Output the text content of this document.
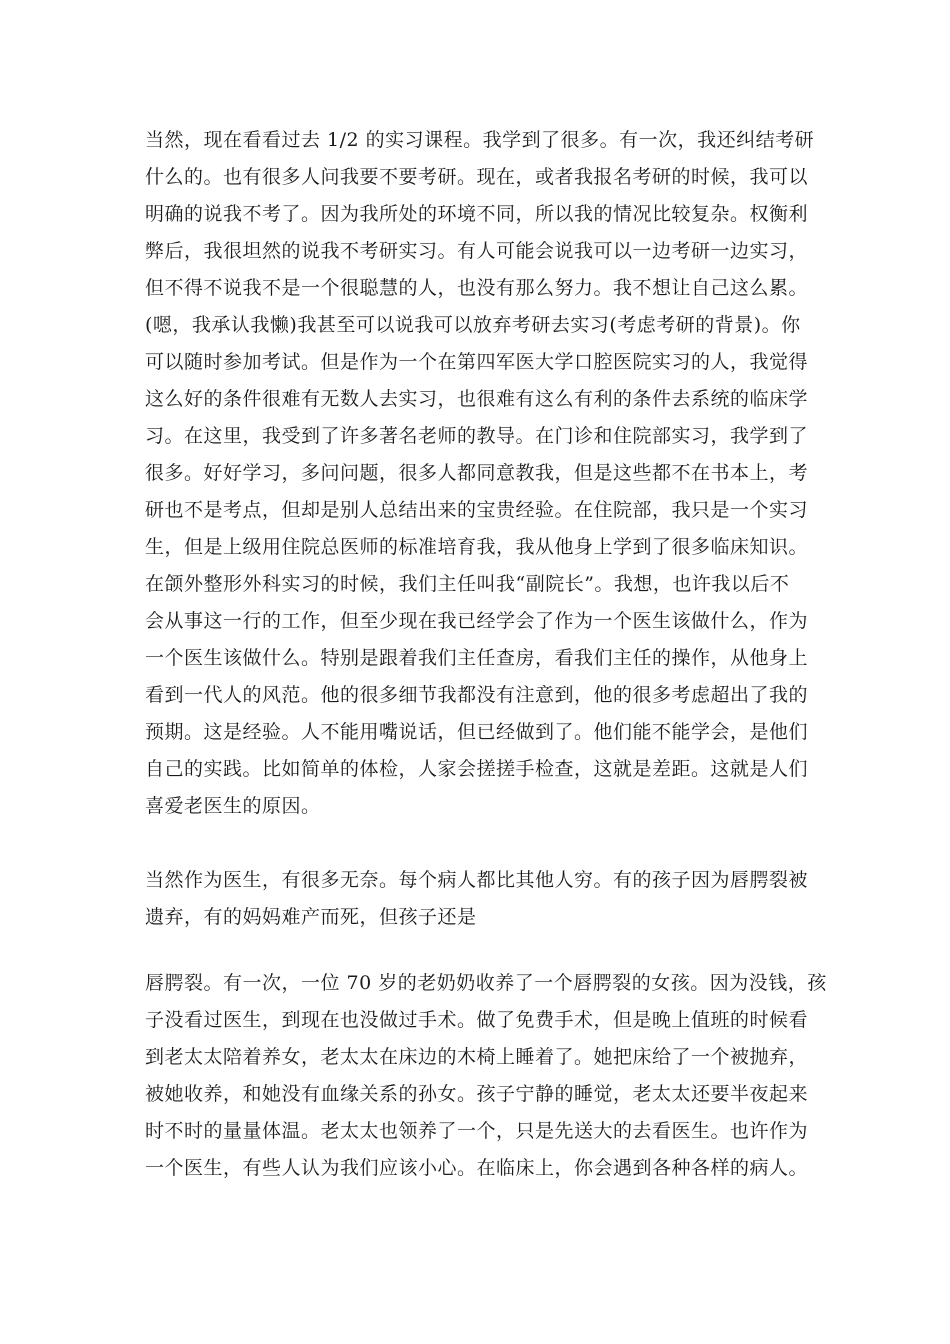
当然，现在看看过去 1/2 的实习课程。我学到了很多。有一次，我还纠结考研
什么的。也有很多人问我要不要考研。现在，或者我报名考研的时候，我可以
明确的说我不考了。因为我所处的环境不同，所以我的情况比较复杂。权衡利
弊后，我很坦然的说我不考研实习。有人可能会说我可以一边考研一边实习，
但不得不说我不是一个很聪慧的人，也没有那么努力。我不想让自己这么累。
(嗯，我承认我懒)我甚至可以说我可以放弃考研去实习(考虑考研的背景)。你
可以随时参加考试。但是作为一个在第四军医大学口腔医院实习的人，我觉得
这么好的条件很难有无数人去实习，也很难有这么有利的条件去系统的临床学
习。在这里，我受到了许多著名老师的教导。在门诊和住院部实习，我学到了
很多。好好学习，多问问题，很多人都同意教我，但是这些都不在书本上，考
研也不是考点，但却是别人总结出来的宝贵经验。在住院部，我只是一个实习
生，但是上级用住院总医师的标准培育我，我从他身上学到了很多临床知识。
在颌外整形外科实习的时候，我们主任叫我“副院长”。我想，也许我以后不
会从事这一行的工作，但至少现在我已经学会了作为一个医生该做什么，作为
一个医生该做什么。特别是跟着我们主任查房，看我们主任的操作，从他身上
看到一代人的风范。他的很多细节我都没有注意到，他的很多考虑超出了我的
预期。这是经验。人不能用嘴说话，但已经做到了。他们能不能学会，是他们
自己的实践。比如简单的体检，人家会搓搓手检查，这就是差距。这就是人们
喜爱老医生的原因。
当然作为医生，有很多无奈。每个病人都比其他人穷。有的孩子因为唇腭裂被
遗弃，有的妈妈难产而死，但孩子还是
唇腭裂。有一次，一位 70 岁的老奶奶收养了一个唇腭裂的女孩。因为没钱，孩
子没看过医生，到现在也没做过手术。做了免费手术，但是晚上值班的时候看
到老太太陪着养女，老太太在床边的木椅上睡着了。她把床给了一个被抛弃，
被她收养，和她没有血缘关系的孙女。孩子宁静的睡觉，老太太还要半夜起来
时不时的量量体温。老太太也领养了一个，只是先送大的去看医生。也许作为
一个医生，有些人认为我们应该小心。在临床上，你会遇到各种各样的病人。
